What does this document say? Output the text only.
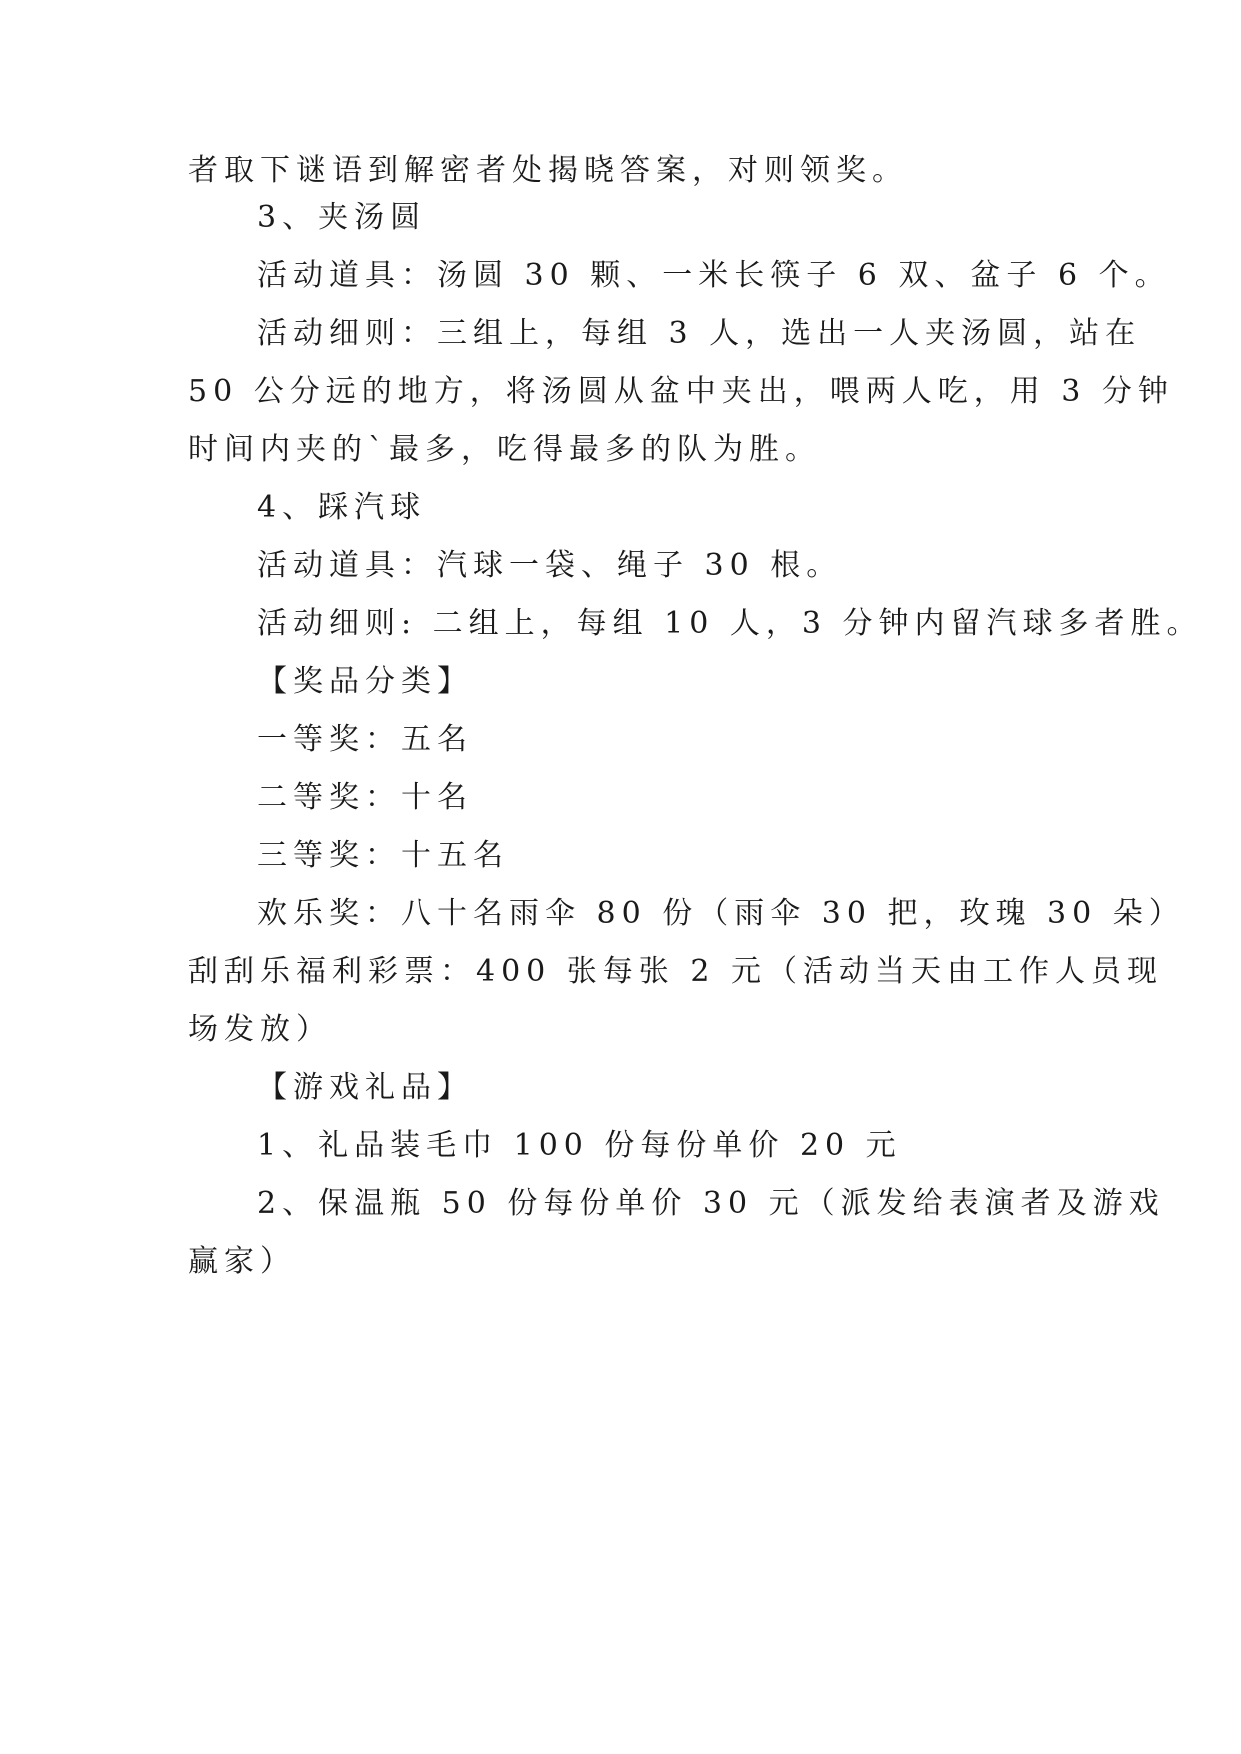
者取下谜语到解密者处揭晓答案，对则领奖。
3、夹汤圆
活动道具：汤圆 30 颗、一米长筷子 6 双、盆子 6 个。
活动细则：三组上，每组 3 人，选出一人夹汤圆，站在
50 公分远的地方，将汤圆从盆中夹出，喂两人吃，用 3 分钟
时间内夹的`最多，吃得最多的队为胜。
4、踩汽球
活动道具：汽球一袋、绳子 30 根。
活动细则: 二组上，每组 10 人，3 分钟内留汽球多者胜。
【奖品分类】
一等奖：五名
二等奖：十名
三等奖：十五名
欢乐奖：八十名雨伞 80 份（雨伞 30 把，玫瑰 30 朵）
刮刮乐福利彩票：400 张每张 2 元（活动当天由工作人员现
场发放）
【游戏礼品】
1、礼品装毛巾 100 份每份单价 20 元
2、保温瓶 50 份每份单价 30 元（派发给表演者及游戏
赢家）
